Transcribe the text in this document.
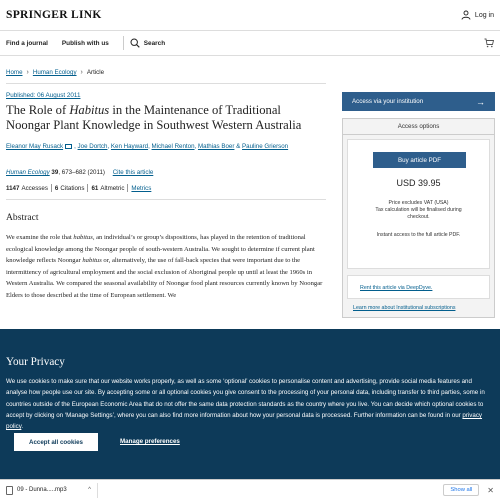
SPRINGER LINK	Log in
Find a journal Publish with us	Search
Home › Human Ecology › Article
Published: 06 August 2011
The Role of Habitus in the Maintenance of Traditional Noongar Plant Knowledge in Southwest Western Australia
Eleanor May Rusack , Joe Dortch, Ken Hayward, Michael Renton, Mathias Boer & Pauline Grierson
Human Ecology 39, 673–682 (2011) Cite this article
1147 Accesses 6 Citations 61 Altmetric Metrics
Abstract

We examine the role that habitus, an individual’s or group’s dispositions, has played in the retention of traditional ecological knowledge among the Noongar people of south-western Australia. We sought to determine if current plant knowledge reflects Noongar habitus or, alternatively, the use of fall-back species that were important due to the intermittency of agricultural employment and the social exclusion of Aboriginal people up until at least the 1960s in Western Australia. We compared the seasonal availability of Noongar food plant resources currently known by Noongar Elders to those described at the time of European settlement. We

Access via your institution	→
Access options
Buy article PDF
USD 39.95
Price excludes VAT (USA)
Tax calculation will be finalised during
checkout.
Instant access to the full article PDF.
Rent this article via DeepDyve.
Learn more about Institutional subscriptions
Your Privacy

We use cookies to make sure that our website works properly, as well as some ‘optional’ cookies to personalise content and advertising, provide social media features and analyse how people use our site. By accepting some or all optional cookies you give consent to the processing of your personal data, including transfer to third parties, some in countries outside of the European Economic Area that do not offer the same data protection standards as the country where you live. You can decide which optional cookies to accept by clicking on ‘Manage Settings’, where you can also find more information about how your personal data is processed. Further information can be found in our privacy policy.

Accept all cookies	Manage preferences
09 - Dunna.....mp3	^	Show all	✕
